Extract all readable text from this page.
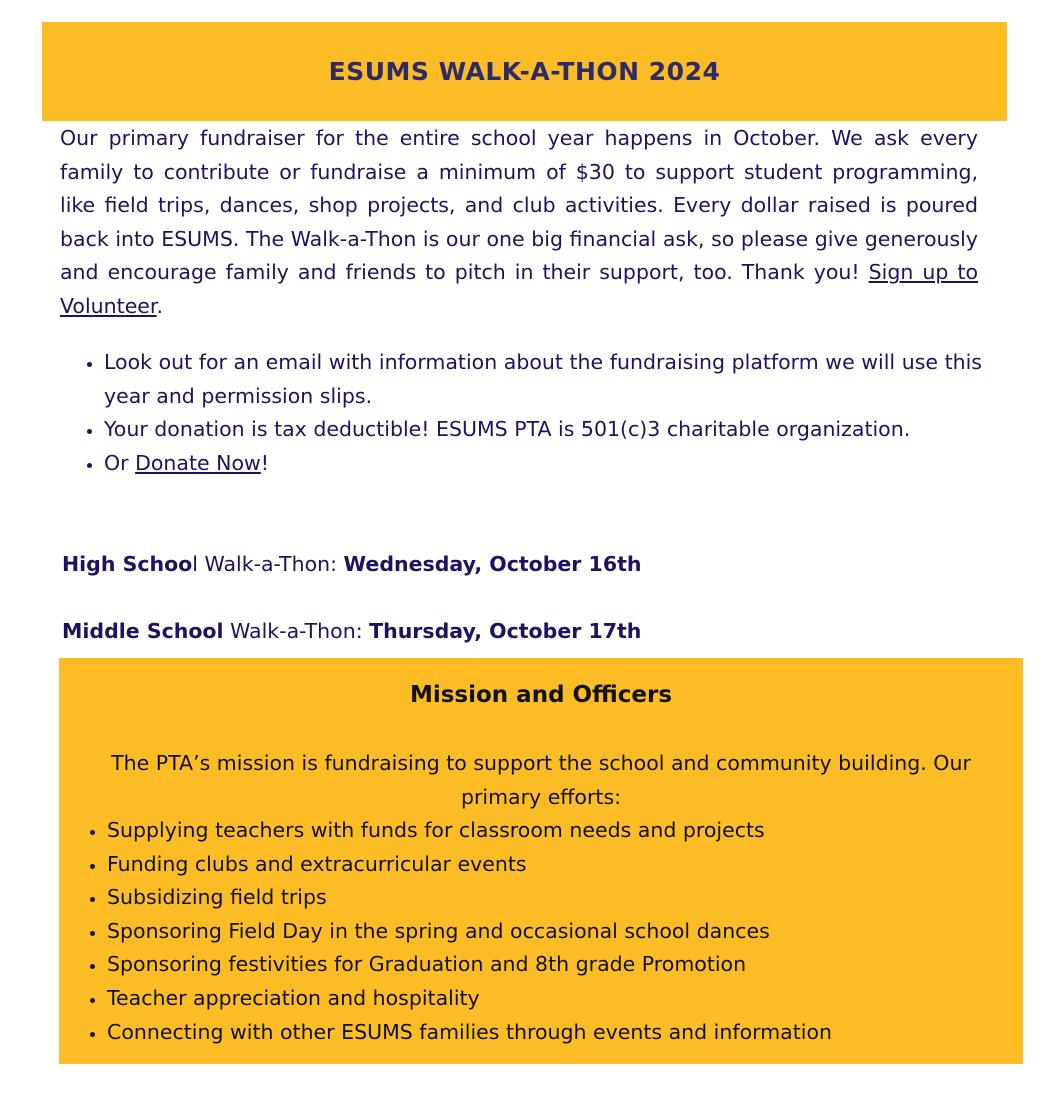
ESUMS WALK-A-THON 2024

Our primary fundraiser for the entire school year happens in October. We ask every family to contribute or fundraise a minimum of $30 to support student programming, like field trips, dances, shop projects, and club activities. Every dollar raised is poured back into ESUMS. The Walk-a-Thon is our one big financial ask, so please give generously and encourage family and friends to pitch in their support, too. Thank you! Sign up to Volunteer.

• Look out for an email with information about the fundraising platform we will use this year and permission slips.
• Your donation is tax deductible! ESUMS PTA is 501(c)3 charitable organization.
• Or Donate Now!
High School Walk-a-Thon: Wednesday, October 16th
Middle School Walk-a-Thon: Thursday, October 17th
Mission and Officers

The PTA’s mission is fundraising to support the school and community building. Our primary efforts:

• Supplying teachers with funds for classroom needs and projects
• Funding clubs and extracurricular events
• Subsidizing field trips
• Sponsoring Field Day in the spring and occasional school dances
• Sponsoring festivities for Graduation and 8th grade Promotion
• Teacher appreciation and hospitality
• Connecting with other ESUMS families through events and information
